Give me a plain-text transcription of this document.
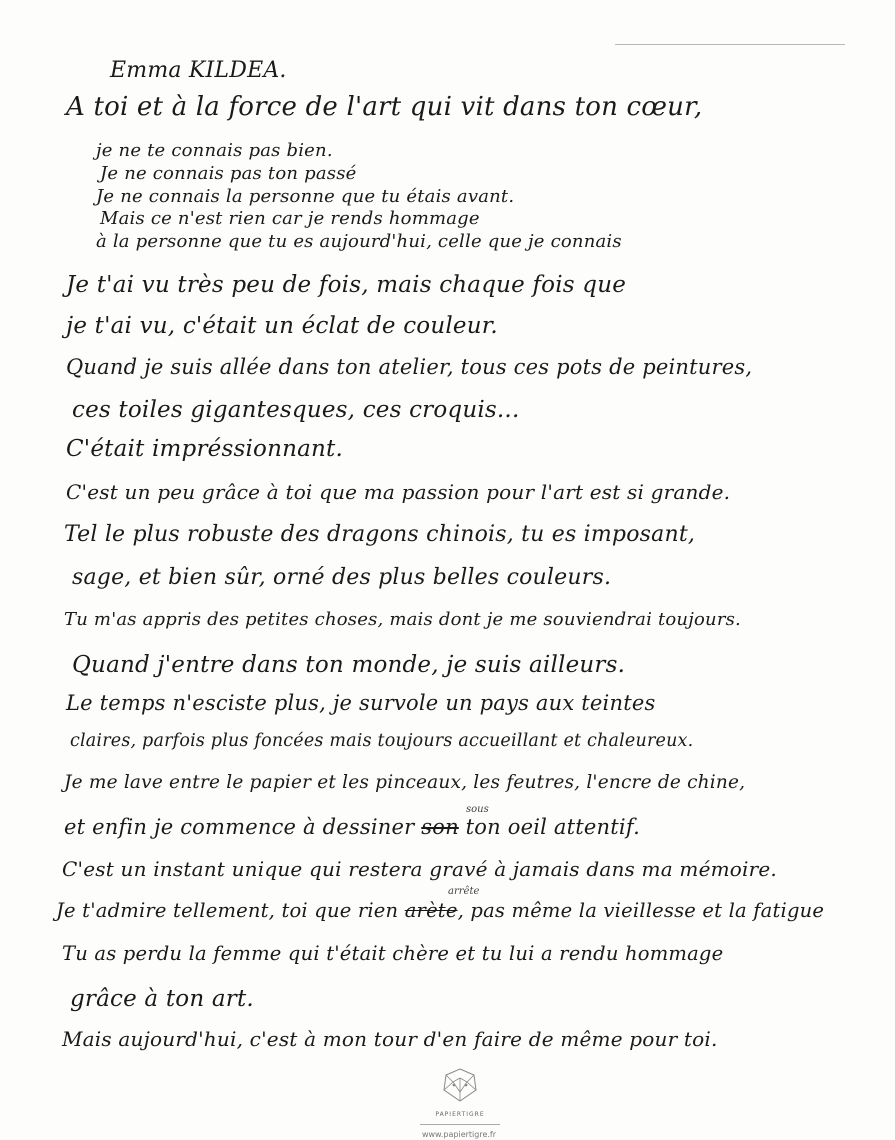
Emma KILDEA.
A toi et à la force de l'art qui vit dans ton cœur,
je ne te connais pas bien.
Je ne connais pas ton passé
Je ne connais la personne que tu étais avant.
Mais ce n'est rien car je rends hommage
à la personne que tu es aujourd'hui, celle que je connais
Je t'ai vu très peu de fois, mais chaque fois que
je t'ai vu, c'était un éclat de couleur.
Quand je suis allée dans ton atelier, tous ces pots de peintures,
ces toiles gigantesques, ces croquis...
C'était impréssionnant.
C'est un peu grâce à toi que ma passion pour l'art est si grande.
Tel le plus robuste des dragons chinois, tu es imposant,
sage, et bien sûr, orné des plus belles couleurs.
Tu m'as appris des petites choses, mais dont je me souviendrai toujours.
Quand j'entre dans ton monde, je suis ailleurs.
Le temps n'esciste plus, je survole un pays aux teintes
claires, parfois plus foncées mais toujours accueillant et chaleureux.
Je me lave entre le papier et les pinceaux, les feutres, l'encre de chine,
et enfin je commence à dessiner son ton oeil attentif.
sous
C'est un instant unique qui restera gravé à jamais dans ma mémoire.
Je t'admire tellement, toi que rien arète, pas même la vieillesse et la fatigue
arrête
Tu as perdu la femme qui t'était chère et tu lui a rendu hommage
grâce à ton art.
Mais aujourd'hui, c'est à mon tour d'en faire de même pour toi.
PAPIERTIGRE
www.papiertigre.fr
